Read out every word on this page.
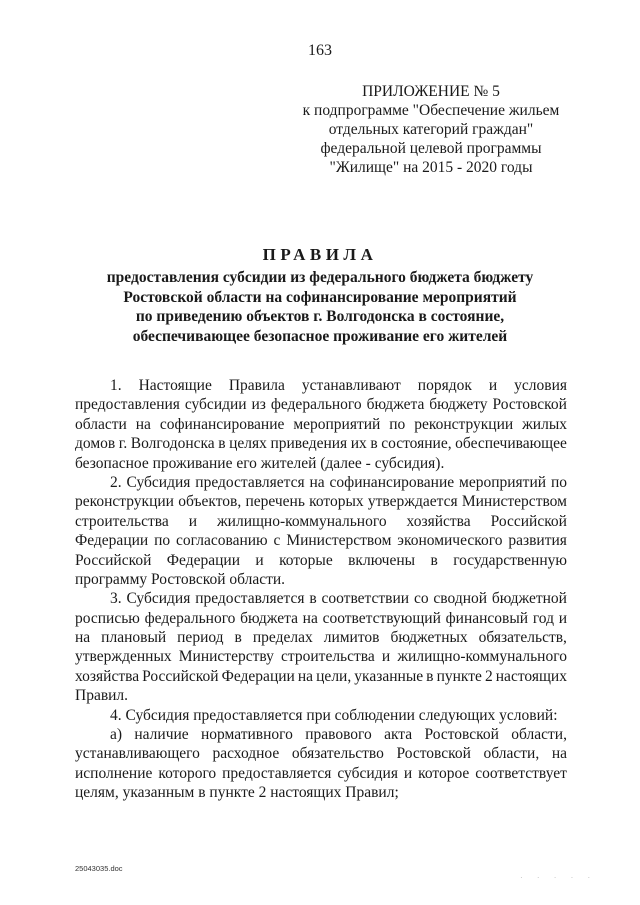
163
ПРИЛОЖЕНИЕ № 5
к подпрограмме "Обеспечение жильем
отдельных категорий граждан"
федеральной целевой программы
"Жилище" на 2015 - 2020 годы
ПРАВИЛА
предоставления субсидии из федерального бюджета бюджету
Ростовской области на софинансирование мероприятий
по приведению объектов г. Волгодонска в состояние,
обеспечивающее безопасное проживание его жителей
1. Настоящие Правила устанавливают порядок и условия
предоставления субсидии из федерального бюджета бюджету Ростовской
области на софинансирование мероприятий по реконструкции жилых
домов г. Волгодонска в целях приведения их в состояние, обеспечивающее
безопасное проживание его жителей (далее - субсидия).
2. Субсидия предоставляется на софинансирование мероприятий по
реконструкции объектов, перечень которых утверждается Министерством
строительства и жилищно-коммунального хозяйства Российской
Федерации по согласованию с Министерством экономического развития
Российской Федерации и которые включены в государственную
программу Ростовской области.
3. Субсидия предоставляется в соответствии со сводной бюджетной
росписью федерального бюджета на соответствующий финансовый год и
на плановый период в пределах лимитов бюджетных обязательств,
утвержденных Министерству строительства и жилищно-коммунального
хозяйства Российской Федерации на цели, указанные в пункте 2 настоящих
Правил.
4. Субсидия предоставляется при соблюдении следующих условий:
а) наличие нормативного правового акта Ростовской области,
устанавливающего расходное обязательство Ростовской области, на
исполнение которого предоставляется субсидия и которое соответствует
целям, указанным в пункте 2 настоящих Правил;
25043035.doc
· · · · ·
